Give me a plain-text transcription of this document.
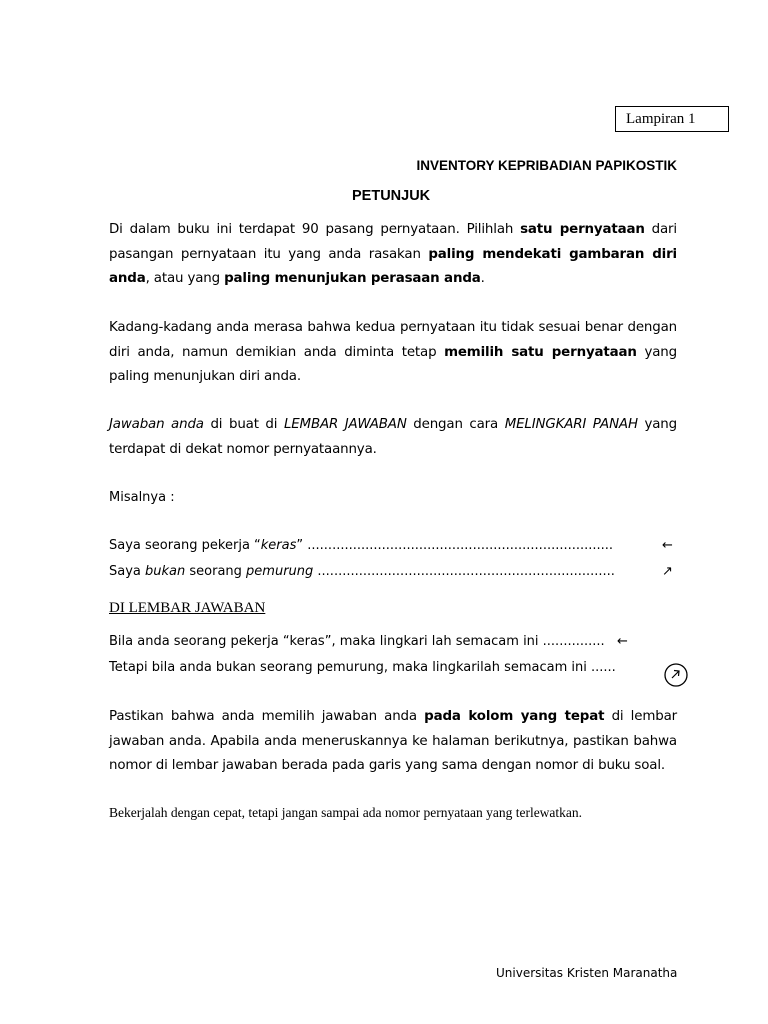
Lampiran 1
INVENTORY KEPRIBADIAN PAPIKOSTIK
PETUNJUK
Di dalam buku ini terdapat 90 pasang pernyataan. Pilihlah satu pernyataan dari pasangan pernyataan itu yang anda rasakan paling mendekati gambaran diri anda, atau yang paling menunjukan perasaan anda.
Kadang-kadang anda merasa bahwa kedua pernyataan itu tidak sesuai benar dengan diri anda, namun demikian anda diminta tetap memilih satu pernyataan yang paling menunjukan diri anda.
Jawaban anda di buat di LEMBAR JAWABAN dengan cara MELINGKARI PANAH yang terdapat di dekat nomor pernyataannya.
Misalnya :
Saya seorang pekerja “keras” ..........................................................................	←
Saya bukan seorang pemurung ........................................................................	↗
DI LEMBAR JAWABAN
Bila anda seorang pekerja “keras”, maka lingkari lah semacam ini ............... ←
Tetapi bila anda bukan seorang pemurung, maka lingkarilah semacam ini ......
Pastikan bahwa anda memilih jawaban anda pada kolom yang tepat di lembar jawaban anda. Apabila anda meneruskannya ke halaman berikutnya, pastikan bahwa nomor di lembar jawaban berada pada garis yang sama dengan nomor di buku soal.
Bekerjalah dengan cepat, tetapi jangan sampai ada nomor pernyataan yang terlewatkan.
Universitas Kristen Maranatha
